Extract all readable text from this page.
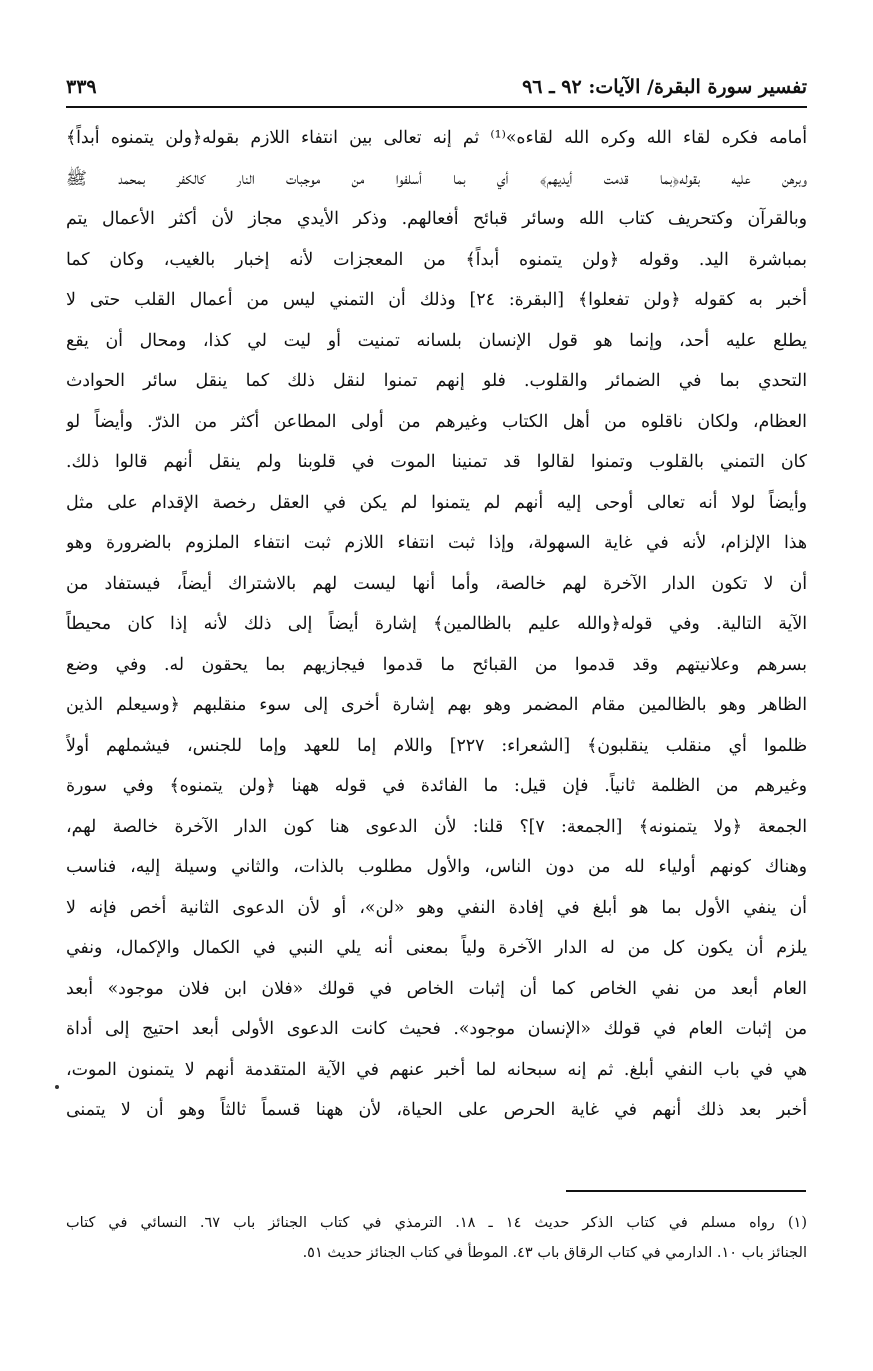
تفسير سورة البقرة/ الآيات: ٩٢ ـ ٩٦
٣٣٩
أمامه فكره لقاء الله وكره الله لقاءه»⁽¹⁾ ثم إنه تعالى بين انتفاء اللازم بقوله﴿ولن يتمنوه أبداً﴾
وبرهن عليه بقوله﴿بما قدمت أيديهم﴾ أي بما أسلفوا من موجبات النار كالكفر بمحمد ﷺ
وبالقرآن وكتحريف كتاب الله وسائر قبائح أفعالهم. وذكر الأيدي مجاز لأن أكثر الأعمال يتم
بمباشرة اليد. وقوله ﴿ولن يتمنوه أبداً﴾ من المعجزات لأنه إخبار بالغيب، وكان كما
أخبر به كقوله ﴿ولن تفعلوا﴾ [البقرة: ٢٤] وذلك أن التمني ليس من أعمال القلب حتى لا
يطلع عليه أحد، وإنما هو قول الإنسان بلسانه تمنيت أو ليت لي كذا، ومحال أن يقع
التحدي بما في الضمائر والقلوب. فلو إنهم تمنوا لنقل ذلك كما ينقل سائر الحوادث
العظام، ولكان ناقلوه من أهل الكتاب وغيرهم من أولى المطاعن أكثر من الذرّ. وأيضاً لو
كان التمني بالقلوب وتمنوا لقالوا قد تمنينا الموت في قلوبنا ولم ينقل أنهم قالوا ذلك.
وأيضاً لولا أنه تعالى أوحى إليه أنهم لم يتمنوا لم يكن في العقل رخصة الإقدام على مثل
هذا الإلزام، لأنه في غاية السهولة، وإذا ثبت انتفاء اللازم ثبت انتفاء الملزوم بالضرورة وهو
أن لا تكون الدار الآخرة لهم خالصة، وأما أنها ليست لهم بالاشتراك أيضاً، فيستفاد من
الآية التالية. وفي قوله﴿والله عليم بالظالمين﴾ إشارة أيضاً إلى ذلك لأنه إذا كان محيطاً
بسرهم وعلانيتهم وقد قدموا من القبائح ما قدموا فيجازيهم بما يحقون له. وفي وضع
الظاهر وهو بالظالمين مقام المضمر وهو بهم إشارة أخرى إلى سوء منقلبهم ﴿وسيعلم الذين
ظلموا أي منقلب ينقلبون﴾ [الشعراء: ٢٢٧] واللام إما للعهد وإما للجنس، فيشملهم أولاً
وغيرهم من الظلمة ثانياً. فإن قيل: ما الفائدة في قوله ههنا ﴿ولن يتمنوه﴾ وفي سورة
الجمعة ﴿ولا يتمنونه﴾ [الجمعة: ٧]؟ قلنا: لأن الدعوى هنا كون الدار الآخرة خالصة لهم،
وهناك كونهم أولياء لله من دون الناس، والأول مطلوب بالذات، والثاني وسيلة إليه، فناسب
أن ينفي الأول بما هو أبلغ في إفادة النفي وهو «لن»، أو لأن الدعوى الثانية أخص فإنه لا
يلزم أن يكون كل من له الدار الآخرة ولياً بمعنى أنه يلي النبي في الكمال والإكمال، ونفي
العام أبعد من نفي الخاص كما أن إثبات الخاص في قولك «فلان ابن فلان موجود» أبعد
من إثبات العام في قولك «الإنسان موجود». فحيث كانت الدعوى الأولى أبعد احتيج إلى أداة
هي في باب النفي أبلغ. ثم إنه سبحانه لما أخبر عنهم في الآية المتقدمة أنهم لا يتمنون الموت،
أخبر بعد ذلك أنهم في غاية الحرص على الحياة، لأن ههنا قسماً ثالثاً وهو أن لا يتمنى
(١) رواه مسلم في كتاب الذكر حديث ١٤ ـ ١٨. الترمذي في كتاب الجنائز باب ٦٧. النسائي في كتاب
الجنائز باب ١٠. الدارمي في كتاب الرقاق باب ٤٣. الموطأ في كتاب الجنائز حديث ٥١.
